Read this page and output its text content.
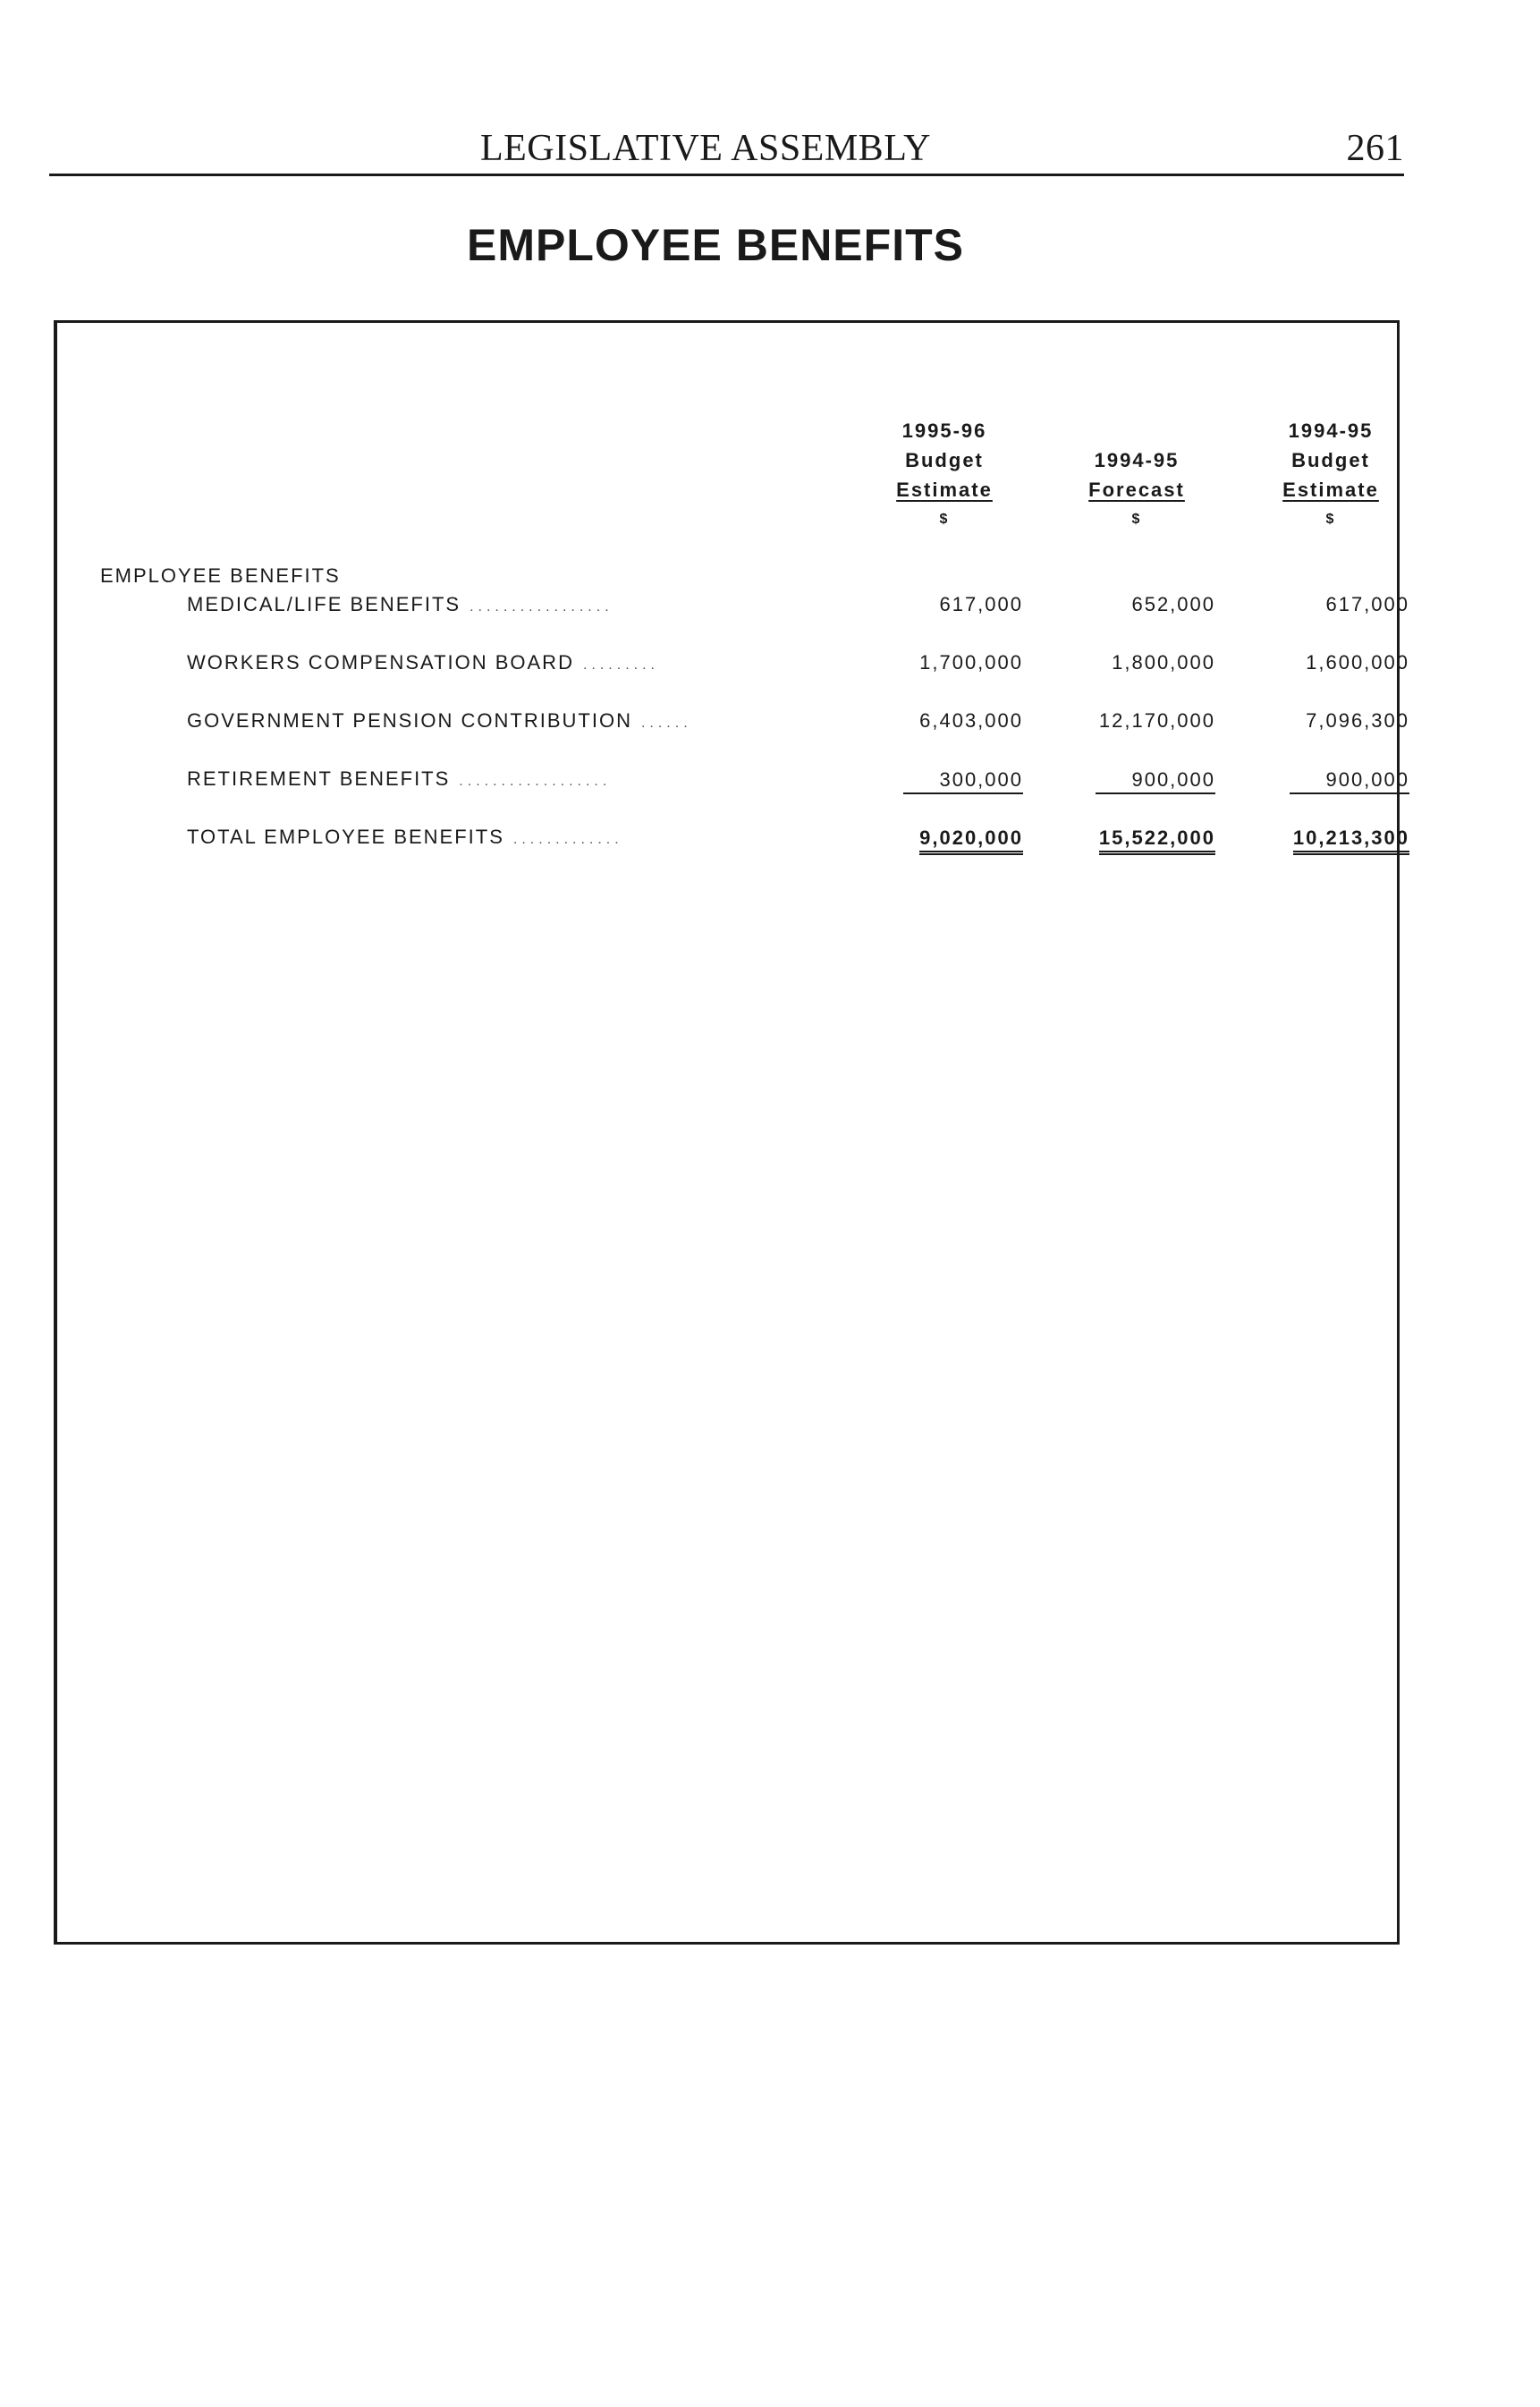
LEGISLATIVE ASSEMBLY	261
EMPLOYEE BENEFITS
1995-96
Budget
Estimate
$
1994-95
Forecast
$
1994-95
Budget
Estimate
$
EMPLOYEE BENEFITS
MEDICAL/LIFE BENEFITS .................	617,000	652,000	617,000
WORKERS COMPENSATION BOARD .........	1,700,000	1,800,000	1,600,000
GOVERNMENT PENSION CONTRIBUTION ......	6,403,000	12,170,000	7,096,300
RETIREMENT BENEFITS ..................	300,000	900,000	900,000
TOTAL EMPLOYEE BENEFITS .............	9,020,000	15,522,000	10,213,300
